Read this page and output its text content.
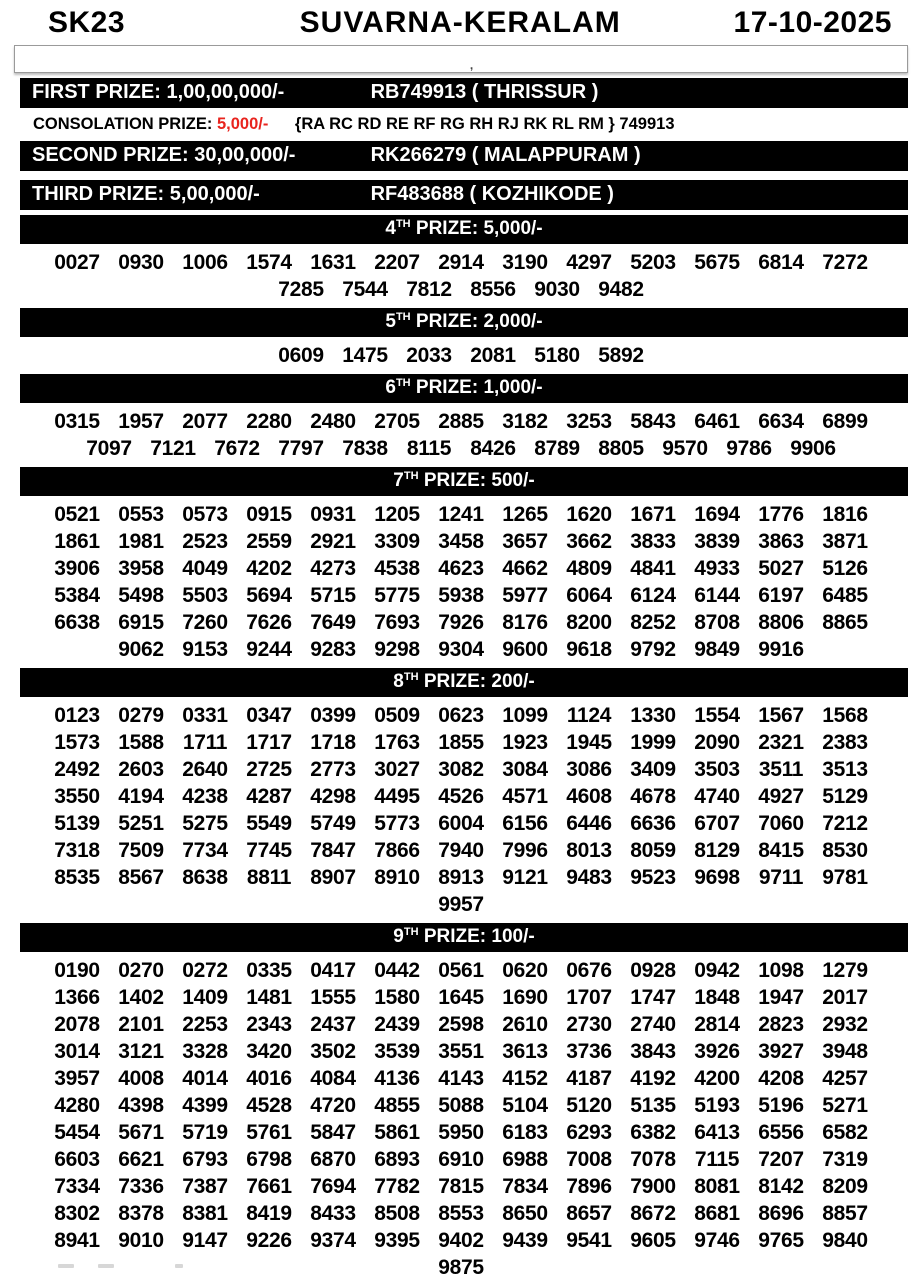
SK23	SUVARNA-KERALAM	17-10-2025
,
FIRST PRIZE: 1,00,00,000/-	RB749913 ( THRISSUR )
CONSOLATION PRIZE: 5,000/- {RA RC RD RE RF RG RH RJ RK RL RM } 749913
SECOND PRIZE: 30,00,000/-	RK266279 ( MALAPPURAM )
THIRD PRIZE: 5,00,000/-	RF483688 ( KOZHIKODE )
4TH PRIZE: 5,000/-
0027 0930 1006 1574 1631 2207 2914 3190 4297 5203 5675 6814 7272
7285 7544 7812 8556 9030 9482
5TH PRIZE: 2,000/-
0609 1475 2033 2081 5180 5892
6TH PRIZE: 1,000/-
0315 1957 2077 2280 2480 2705 2885 3182 3253 5843 6461 6634 6899
7097 7121 7672 7797 7838 8115 8426 8789 8805 9570 9786 9906
7TH PRIZE: 500/-
0521 0553 0573 0915 0931 1205 1241 1265 1620 1671 1694 1776 1816
1861 1981 2523 2559 2921 3309 3458 3657 3662 3833 3839 3863 3871
3906 3958 4049 4202 4273 4538 4623 4662 4809 4841 4933 5027 5126
5384 5498 5503 5694 5715 5775 5938 5977 6064 6124 6144 6197 6485
6638 6915 7260 7626 7649 7693 7926 8176 8200 8252 8708 8806 8865
9062 9153 9244 9283 9298 9304 9600 9618 9792 9849 9916
8TH PRIZE: 200/-
0123 0279 0331 0347 0399 0509 0623 1099 1124 1330 1554 1567 1568
1573 1588 1711 1717 1718 1763 1855 1923 1945 1999 2090 2321 2383
2492 2603 2640 2725 2773 3027 3082 3084 3086 3409 3503 3511 3513
3550 4194 4238 4287 4298 4495 4526 4571 4608 4678 4740 4927 5129
5139 5251 5275 5549 5749 5773 6004 6156 6446 6636 6707 7060 7212
7318 7509 7734 7745 7847 7866 7940 7996 8013 8059 8129 8415 8530
8535 8567 8638 8811 8907 8910 8913 9121 9483 9523 9698 9711 9781
9957
9TH PRIZE: 100/-
0190 0270 0272 0335 0417 0442 0561 0620 0676 0928 0942 1098 1279
1366 1402 1409 1481 1555 1580 1645 1690 1707 1747 1848 1947 2017
2078 2101 2253 2343 2437 2439 2598 2610 2730 2740 2814 2823 2932
3014 3121 3328 3420 3502 3539 3551 3613 3736 3843 3926 3927 3948
3957 4008 4014 4016 4084 4136 4143 4152 4187 4192 4200 4208 4257
4280 4398 4399 4528 4720 4855 5088 5104 5120 5135 5193 5196 5271
5454 5671 5719 5761 5847 5861 5950 6183 6293 6382 6413 6556 6582
6603 6621 6793 6798 6870 6893 6910 6988 7008 7078 7115 7207 7319
7334 7336 7387 7661 7694 7782 7815 7834 7896 7900 8081 8142 8209
8302 8378 8381 8419 8433 8508 8553 8650 8657 8672 8681 8696 8857
8941 9010 9147 9226 9374 9395 9402 9439 9541 9605 9746 9765 9840
9875
